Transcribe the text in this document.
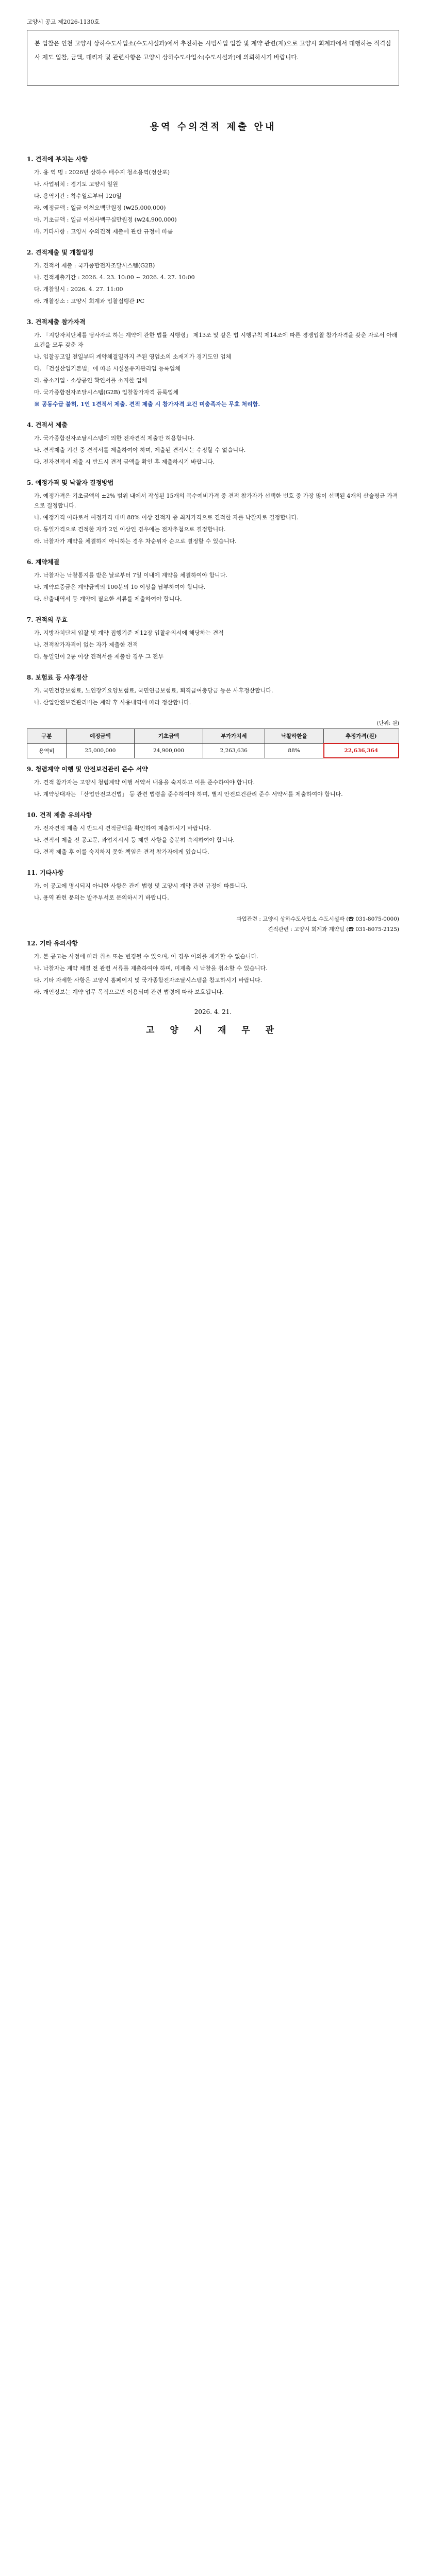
고양시 공고 제2026-1130호
본 입찰은 인천 고양시 상하수도사업소(수도시설과)에서 추진하는 시범사업 입찰 및 계약 관련(재)으로 고양시 회계과에서 대행하는 적격심사 제도 입찰, 금액, 대리자 및 관련사항은 고양시 상하수도사업소(수도시설과)에 의뢰하시기 바랍니다.
용역 수의견적 제출 안내
1. 견적에 부치는 사항
가. 용 역 명 : 2026년 상하수 배수지 청소용역(정산포)
나. 사업위치 : 경기도 고양시 일원
다. 용역기간 : 착수일로부터 120일
라. 예정금액 : 일금 이천오백만원정 (₩25,000,000)
마. 기초금액 : 일금 이천사백구십만원정 (₩24,900,000)
바. 기타사항 : 고양시 수의견적 제출에 관한 규정에 따름
2. 견적제출 및 개찰일정
가. 견적서 제출 : 국가종합전자조달시스템(G2B)
나. 견적제출기간 : 2026. 4. 23. 10:00 ~ 2026. 4. 27. 10:00
다. 개찰일시 : 2026. 4. 27. 11:00
라. 개찰장소 : 고양시 회계과 입찰집행관 PC
3. 견적제출 참가자격
가. 「지방자치단체를 당사자로 하는 계약에 관한 법률 시행령」 제13조 및 같은 법 시행규칙 제14조에 따른 경쟁입찰 참가자격을 갖춘 자로서 아래 요건을 모두 갖춘 자
나. 입찰공고일 전일부터 계약체결일까지 주된 영업소의 소재지가 경기도인 업체
다. 「건설산업기본법」에 따른 시설물유지관리업 등록업체
라. 중소기업 · 소상공인 확인서를 소지한 업체
마. 국가종합전자조달시스템(G2B) 입찰참가자격 등록업체
※ 공동수급 불허, 1인 1견적서 제출. 견적 제출 시 참가자격 요건 미충족자는 무효 처리함.
4. 견적서 제출
가. 국가종합전자조달시스템에 의한 전자견적 제출만 허용합니다.
나. 견적제출 기간 중 견적서를 제출하여야 하며, 제출된 견적서는 수정할 수 없습니다.
다. 전자견적서 제출 시 반드시 견적 금액을 확인 후 제출하시기 바랍니다.
5. 예정가격 및 낙찰자 결정방법
가. 예정가격은 기초금액의 ±2% 범위 내에서 작성된 15개의 복수예비가격 중 견적 참가자가 선택한 번호 중 가장 많이 선택된 4개의 산술평균 가격으로 결정합니다.
나. 예정가격 이하로서 예정가격 대비 88% 이상 견적자 중 최저가격으로 견적한 자를 낙찰자로 결정합니다.
다. 동일가격으로 견적한 자가 2인 이상인 경우에는 전자추첨으로 결정합니다.
라. 낙찰자가 계약을 체결하지 아니하는 경우 차순위자 순으로 결정할 수 있습니다.
6. 계약체결
가. 낙찰자는 낙찰통지를 받은 날로부터 7일 이내에 계약을 체결하여야 합니다.
나. 계약보증금은 계약금액의 100분의 10 이상을 납부하여야 합니다.
다. 산출내역서 등 계약에 필요한 서류를 제출하여야 합니다.
7. 견적의 무효
가. 지방자치단체 입찰 및 계약 집행기준 제12장 입찰유의서에 해당하는 견적
나. 견적참가자격이 없는 자가 제출한 견적
다. 동일인이 2통 이상 견적서를 제출한 경우 그 전부
8. 보험료 등 사후정산
가. 국민건강보험료, 노인장기요양보험료, 국민연금보험료, 퇴직급여충당금 등은 사후정산합니다.
나. 산업안전보건관리비는 계약 후 사용내역에 따라 정산합니다.
(단위: 원)
구분	예정금액	기초금액	부가가치세	낙찰하한율	추정가격(원)
용역비	25,000,000	24,900,000	2,263,636	88%	22,636,364
9. 청렴계약 이행 및 안전보건관리 준수 서약
가. 견적 참가자는 고양시 청렴계약 이행 서약서 내용을 숙지하고 이를 준수하여야 합니다.
나. 계약상대자는 「산업안전보건법」 등 관련 법령을 준수하여야 하며, 별지 안전보건관리 준수 서약서를 제출하여야 합니다.
10. 견적 제출 유의사항
가. 전자견적 제출 시 반드시 견적금액을 확인하여 제출하시기 바랍니다.
나. 견적서 제출 전 공고문, 과업지시서 등 제반 사항을 충분히 숙지하여야 합니다.
다. 견적 제출 후 이를 숙지하지 못한 책임은 견적 참가자에게 있습니다.
11. 기타사항
가. 이 공고에 명시되지 아니한 사항은 관계 법령 및 고양시 계약 관련 규정에 따릅니다.
나. 용역 관련 문의는 발주부서로 문의하시기 바랍니다.
과업관련 : 고양시 상하수도사업소 수도시설과 (☎ 031-8075-0000)
견적관련 : 고양시 회계과 계약팀 (☎ 031-8075-2125)
12. 기타 유의사항
가. 본 공고는 사정에 따라 취소 또는 변경될 수 있으며, 이 경우 이의를 제기할 수 없습니다.
나. 낙찰자는 계약 체결 전 관련 서류를 제출하여야 하며, 미제출 시 낙찰을 취소할 수 있습니다.
다. 기타 자세한 사항은 고양시 홈페이지 및 국가종합전자조달시스템을 참고하시기 바랍니다.
라. 개인정보는 계약 업무 목적으로만 이용되며 관련 법령에 따라 보호됩니다.
2026. 4. 21.
고 양 시 재 무 관
